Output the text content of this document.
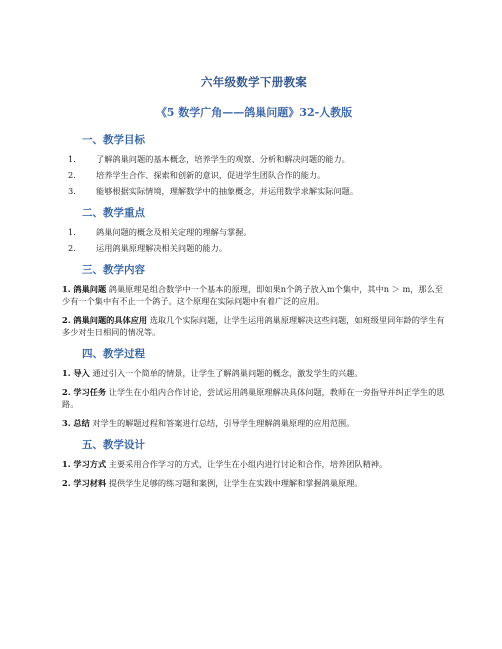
六年级数学下册教案
《5 数学广角——鸽巢问题》32-人教版
一、教学目标
1.	了解鸽巢问题的基本概念，培养学生的观察、分析和解决问题的能力。
2.	培养学生合作、探索和创新的意识，促进学生团队合作的能力。
3.	能够根据实际情境，理解数学中的抽象概念，并运用数学求解实际问题。
二、教学重点
1.	鸽巢问题的概念及相关定理的理解与掌握。
2.	运用鸽巢原理解决相关问题的能力。
三、教学内容
1. 鸽巢问题 鸽巢原理是组合数学中一个基本的原理，即如果n个鸽子放入m个集中，其中n ＞ m，那么至少有一个集中有不止一个鸽子。这个原理在实际问题中有着广泛的应用。
2. 鸽巢问题的具体应用 选取几个实际问题，让学生运用鸽巢原理解决这些问题，如班级里同年龄的学生有多少对生日相同的情况等。
四、教学过程
1. 导入 通过引入一个简单的情景，让学生了解鸽巢问题的概念，激发学生的兴趣。
2. 学习任务 让学生在小组内合作讨论，尝试运用鸽巢原理解决具体问题，教师在一旁指导并纠正学生的思路。
3. 总结 对学生的解题过程和答案进行总结，引导学生理解鸽巢原理的应用范围。
五、教学设计
1. 学习方式 主要采用合作学习的方式，让学生在小组内进行讨论和合作，培养团队精神。
2. 学习材料 提供学生足够的练习题和案例，让学生在实践中理解和掌握鸽巢原理。
